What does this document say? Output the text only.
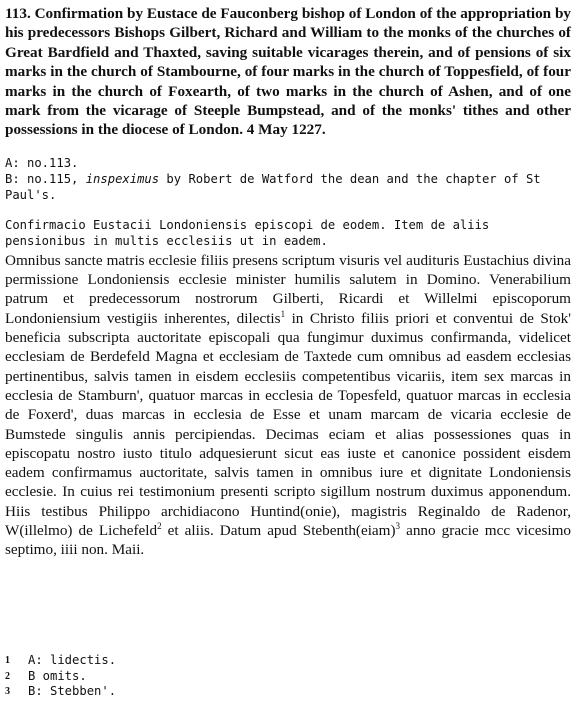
113. Confirmation by Eustace de Fauconberg bishop of London of the appropriation by his predecessors Bishops Gilbert, Richard and William to the monks of the churches of Great Bardfield and Thaxted, saving suitable vicarages therein, and of pensions of six marks in the church of Stambourne, of four marks in the church of Toppesfield, of four marks in the church of Foxearth, of two marks in the church of Ashen, and of one mark from the vicarage of Steeple Bumpstead, and of the monks' tithes and other possessions in the diocese of London. 4 May 1227.

A: no.113.
B: no.115, inspeximus by Robert de Watford the dean and the chapter of St Paul's.
Confirmacio Eustacii Londoniensis episcopi de eodem. Item de aliis pensionibus in multis ecclesiis ut in eadem.
Omnibus sancte matris ecclesie filiis presens scriptum visuris vel audituris Eustachius divina permissione Londoniensis ecclesie minister humilis salutem in Domino. Venerabilium patrum et predecessorum nostrorum Gilberti, Ricardi et Willelmi episcoporum Londoniensium vestigiis inherentes, dilectis$^1$ in Christo filiis priori et conventui de Stok' beneficia subscripta auctoritate episcopali qua fungimur duximus confirmanda, videlicet ecclesiam de Berdefeld Magna et ecclesiam de Taxtede cum omnibus ad easdem ecclesias pertinentibus, salvis tamen in eisdem ecclesiis competentibus vicariis, item sex marcas in ecclesia de Stamburn', quatuor marcas in ecclesia de Topesfeld, quatuor marcas in ecclesia de Foxerd', duas marcas in ecclesia de Esse et unam marcam de vicaria ecclesie de Bumstede singulis annis percipiendas. Decimas eciam et alias possessiones quas in episcopatu nostro iusto titulo adquesierunt sicut eas iuste et canonice possident eisdem eadem confirmamus auctoritate, salvis tamen in omnibus iure et dignitate Londoniensis ecclesie. In cuius rei testimonium presenti scripto sigillum nostrum duximus apponendum. Hiis testibus Philippo archidiacono Huntind(onie), magistris Reginaldo de Radenor, W(illelmo) de Lichefeld$^2$ et aliis. Datum apud Stebenth(eiam)$^3$ anno gracie mcc vicesimo septimo, iiii non. Maii.
1	A: lidectis.
2	B omits.
3	B: Stebben'.
